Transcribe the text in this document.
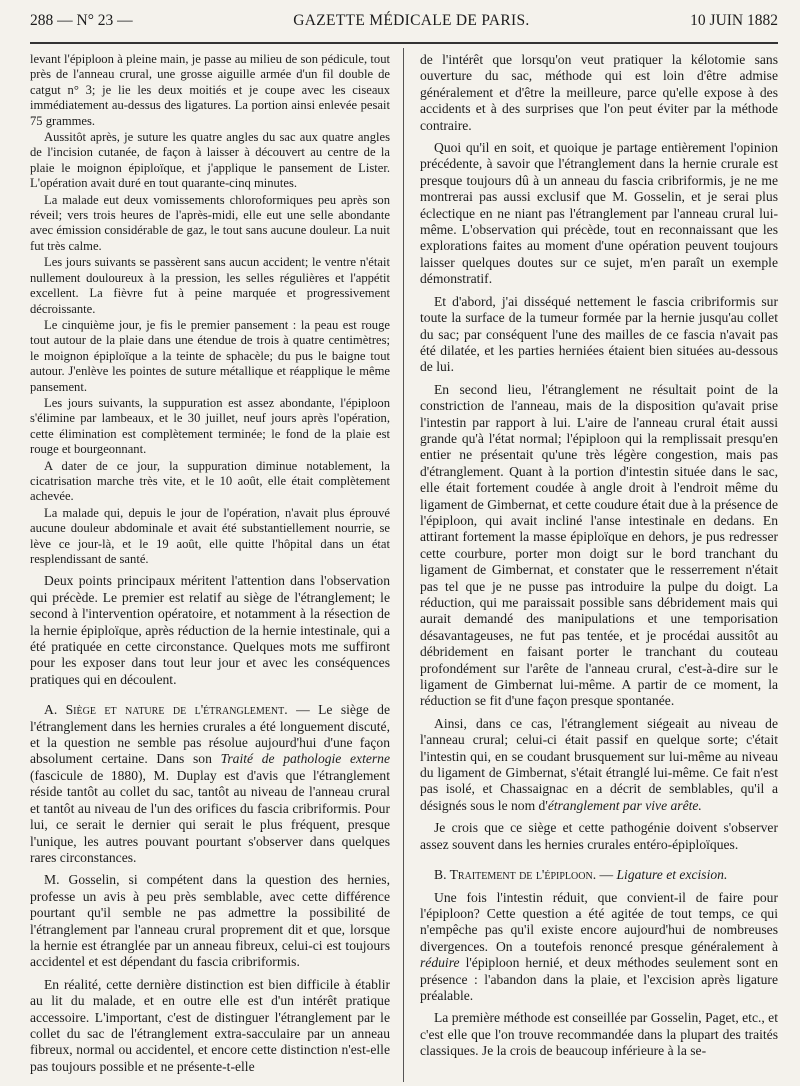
288 — N° 23 —	GAZETTE MÉDICALE DE PARIS.	10 JUIN 1882

levant l'épiploon à pleine main, je passe au milieu de son pédicule, tout près de l'anneau crural, une grosse aiguille armée d'un fil double de catgut n° 3; je lie les deux moitiés et je coupe avec les ciseaux immédiatement au-dessus des ligatures. La portion ainsi enlevée pesait 75 grammes.

Aussitôt après, je suture les quatre angles du sac aux quatre angles de l'incision cutanée, de façon à laisser à découvert au centre de la plaie le moignon épiploïque, et j'applique le pansement de Lister. L'opération avait duré en tout quarante-cinq minutes.

La malade eut deux vomissements chloroformiques peu après son réveil; vers trois heures de l'après-midi, elle eut une selle abondante avec émission considérable de gaz, le tout sans aucune douleur. La nuit fut très calme.

Les jours suivants se passèrent sans aucun accident; le ventre n'était nullement douloureux à la pression, les selles régulières et l'appétit excellent. La fièvre fut à peine marquée et progressivement décroissante.

Le cinquième jour, je fis le premier pansement : la peau est rouge tout autour de la plaie dans une étendue de trois à quatre centimètres; le moignon épiploïque a la teinte de sphacèle; du pus le baigne tout autour. J'enlève les pointes de suture métallique et réapplique le même pansement.

Les jours suivants, la suppuration est assez abondante, l'épiploon s'élimine par lambeaux, et le 30 juillet, neuf jours après l'opération, cette élimination est complètement terminée; le fond de la plaie est rouge et bourgeonnant.

A dater de ce jour, la suppuration diminue notablement, la cicatrisation marche très vite, et le 10 août, elle était complètement achevée.

La malade qui, depuis le jour de l'opération, n'avait plus éprouvé aucune douleur abdominale et avait été substantiellement nourrie, se lève ce jour-là, et le 19 août, elle quitte l'hôpital dans un état resplendissant de santé.

Deux points principaux méritent l'attention dans l'observation qui précède. Le premier est relatif au siège de l'étranglement; le second à l'intervention opératoire, et notamment à la résection de la hernie épiploïque, après réduction de la hernie intestinale, qui a été pratiquée en cette circonstance. Quelques mots me suffiront pour les exposer dans tout leur jour et avec les conséquences pratiques qui en découlent.

A. Siège et nature de l'étranglement. — Le siège de l'étranglement dans les hernies crurales a été longuement discuté, et la question ne semble pas résolue aujourd'hui d'une façon absolument certaine. Dans son Traité de pathologie externe (fascicule de 1880), M. Duplay est d'avis que l'étranglement réside tantôt au collet du sac, tantôt au niveau de l'anneau crural et tantôt au niveau de l'un des orifices du fascia cribriformis. Pour lui, ce serait le dernier qui serait le plus fréquent, presque l'unique, les autres pouvant pourtant s'observer dans quelques rares circonstances.

M. Gosselin, si compétent dans la question des hernies, professe un avis à peu près semblable, avec cette différence pourtant qu'il semble ne pas admettre la possibilité de l'étranglement par l'anneau crural proprement dit et que, lorsque la hernie est étranglée par un anneau fibreux, celui-ci est toujours accidentel et est dépendant du fascia cribriformis.

En réalité, cette dernière distinction est bien difficile à établir au lit du malade, et en outre elle est d'un intérêt pratique accessoire. L'important, c'est de distinguer l'étranglement par le collet du sac de l'étranglement extra-sacculaire par un anneau fibreux, normal ou accidentel, et encore cette distinction n'est-elle pas toujours possible et ne présente-t-elle

de l'intérêt que lorsqu'on veut pratiquer la kélotomie sans ouverture du sac, méthode qui est loin d'être admise généralement et d'être la meilleure, parce qu'elle expose à des accidents et à des surprises que l'on peut éviter par la méthode contraire.

Quoi qu'il en soit, et quoique je partage entièrement l'opinion précédente, à savoir que l'étranglement dans la hernie crurale est presque toujours dû à un anneau du fascia cribriformis, je ne me montrerai pas aussi exclusif que M. Gosselin, et je serai plus éclectique en ne niant pas l'étranglement par l'anneau crural lui-même. L'observation qui précède, tout en reconnaissant que les explorations faites au moment d'une opération peuvent toujours laisser quelques doutes sur ce sujet, m'en paraît un exemple démonstratif.

Et d'abord, j'ai disséqué nettement le fascia cribriformis sur toute la surface de la tumeur formée par la hernie jusqu'au collet du sac; par conséquent l'une des mailles de ce fascia n'avait pas été dilatée, et les parties herniées étaient bien situées au-dessous de lui.

En second lieu, l'étranglement ne résultait point de la constriction de l'anneau, mais de la disposition qu'avait prise l'intestin par rapport à lui. L'aire de l'anneau crural était aussi grande qu'à l'état normal; l'épiploon qui la remplissait presqu'en entier ne présentait qu'une très légère congestion, mais pas d'étranglement. Quant à la portion d'intestin située dans le sac, elle était fortement coudée à angle droit à l'endroit même du ligament de Gimbernat, et cette coudure était due à la présence de l'épiploon, qui avait incliné l'anse intestinale en dedans. En attirant fortement la masse épiploïque en dehors, je pus redresser cette courbure, porter mon doigt sur le bord tranchant du ligament de Gimbernat, et constater que le resserrement n'était pas tel que je ne pusse pas introduire la pulpe du doigt. La réduction, qui me paraissait possible sans débridement mais qui aurait demandé des manipulations et une temporisation désavantageuses, ne fut pas tentée, et je procédai aussitôt au débridement en faisant porter le tranchant du couteau profondément sur l'arête de l'anneau crural, c'est-à-dire sur le ligament de Gimbernat lui-même. A partir de ce moment, la réduction se fit d'une façon presque spontanée.

Ainsi, dans ce cas, l'étranglement siégeait au niveau de l'anneau crural; celui-ci était passif en quelque sorte; c'était l'intestin qui, en se coudant brusquement sur lui-même au niveau du ligament de Gimbernat, s'était étranglé lui-même. Ce fait n'est pas isolé, et Chassaignac en a décrit de semblables, qu'il a désignés sous le nom d'étranglement par vive arête.

Je crois que ce siège et cette pathogénie doivent s'observer assez souvent dans les hernies crurales entéro-épiploïques.

B. Traitement de l'épiploon. — Ligature et excision.

Une fois l'intestin réduit, que convient-il de faire pour l'épiploon? Cette question a été agitée de tout temps, ce qui n'empêche pas qu'il existe encore aujourd'hui de nombreuses divergences. On a toutefois renoncé presque généralement à réduire l'épiploon hernié, et deux méthodes seulement sont en présence : l'abandon dans la plaie, et l'excision après ligature préalable.

La première méthode est conseillée par Gosselin, Paget, etc., et c'est elle que l'on trouve recommandée dans la plupart des traités classiques. Je la crois de beaucoup inférieure à la se-
